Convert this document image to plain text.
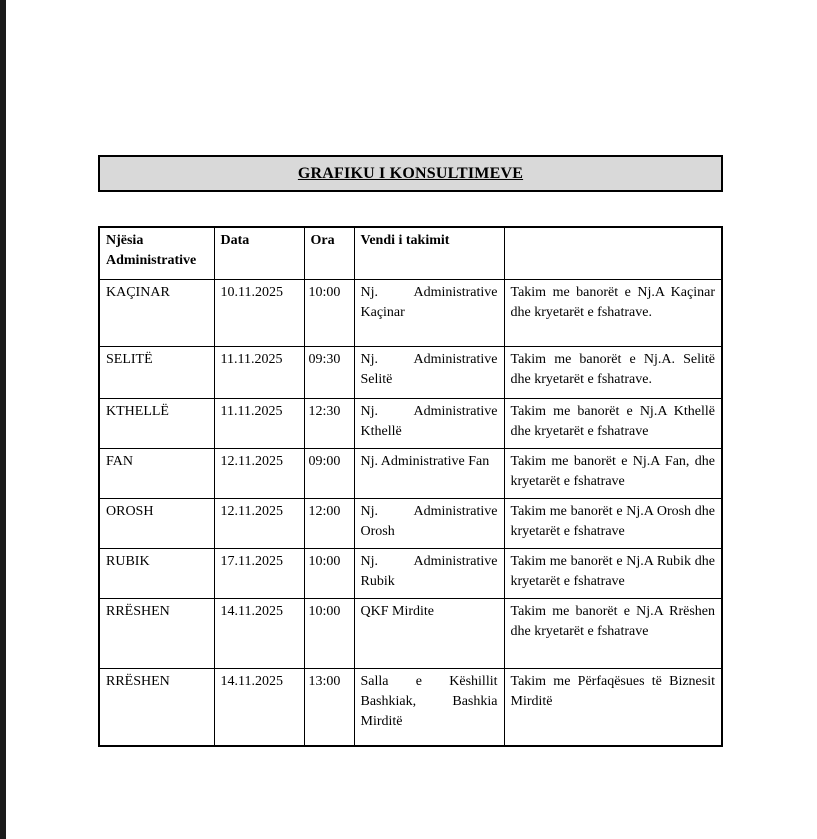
GRAFIKU I KONSULTIMEVE
Njësia Administrative	Data	Ora	Vendi i takimit	
KAÇINAR	10.11.2025	10:00	Nj. Administrative Kaçinar	Takim me banorët e Nj.A Kaçinar dhe kryetarët e fshatrave.
SELITË	11.11.2025	09:30	Nj. Administrative Selitë	Takim me banorët e Nj.A. Selitë dhe kryetarët e fshatrave.
KTHELLË	11.11.2025	12:30	Nj. Administrative Kthellë	Takim me banorët e Nj.A Kthellë dhe kryetarët e fshatrave
FAN	12.11.2025	09:00	Nj. Administrative Fan	Takim me banorët e Nj.A Fan, dhe kryetarët e fshatrave
OROSH	12.11.2025	12:00	Nj. Administrative Orosh	Takim me banorët e Nj.A Orosh dhe kryetarët e fshatrave
RUBIK	17.11.2025	10:00	Nj. Administrative Rubik	Takim me banorët e Nj.A Rubik dhe kryetarët e fshatrave
RRËSHEN	14.11.2025	10:00	QKF Mirdite	Takim me banorët e Nj.A Rrëshen dhe kryetarët e fshatrave
RRËSHEN	14.11.2025	13:00	Salla e Këshillit Bashkiak, Bashkia Mirditë	Takim me Përfaqësues të Biznesit Mirditë
